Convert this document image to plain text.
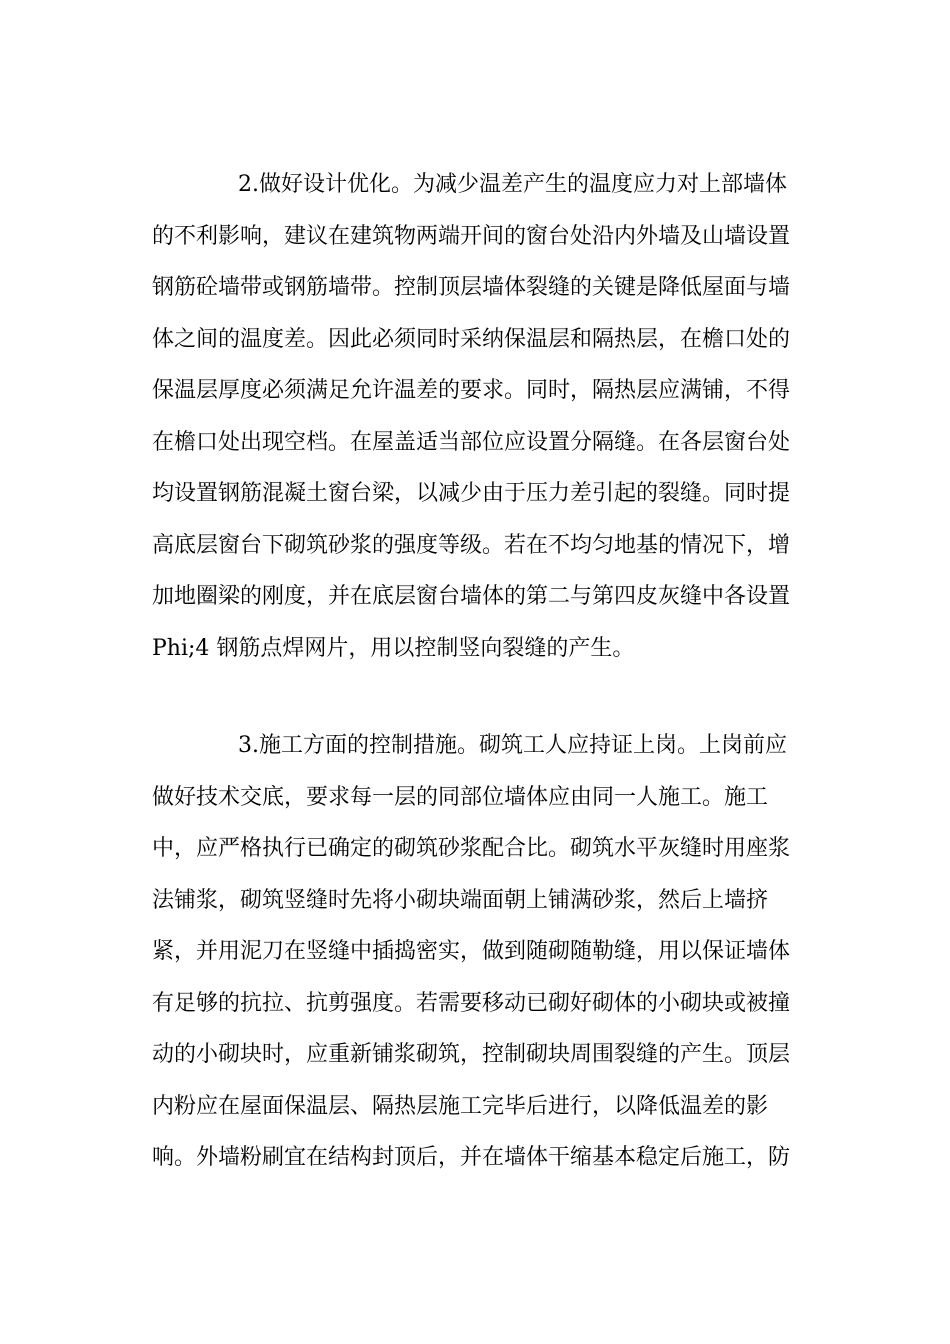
2.做好设计优化。为减少温差产生的温度应力对上部墙体
的不利影响，建议在建筑物两端开间的窗台处沿内外墙及山墙设置
钢筋砼墙带或钢筋墙带。控制顶层墙体裂缝的关键是降低屋面与墙
体之间的温度差。因此必须同时采纳保温层和隔热层，在檐口处的
保温层厚度必须满足允许温差的要求。同时，隔热层应满铺，不得
在檐口处出现空档。在屋盖适当部位应设置分隔缝。在各层窗台处
均设置钢筋混凝土窗台梁，以减少由于压力差引起的裂缝。同时提
高底层窗台下砌筑砂浆的强度等级。若在不均匀地基的情况下，增
加地圈梁的刚度，并在底层窗台墙体的第二与第四皮灰缝中各设置
Phi;4 钢筋点焊网片，用以控制竖向裂缝的产生。
3.施工方面的控制措施。砌筑工人应持证上岗。上岗前应
做好技术交底，要求每一层的同部位墙体应由同一人施工。施工
中，应严格执行已确定的砌筑砂浆配合比。砌筑水平灰缝时用座浆
法铺浆，砌筑竖缝时先将小砌块端面朝上铺满砂浆，然后上墙挤
紧，并用泥刀在竖缝中插捣密实，做到随砌随勒缝，用以保证墙体
有足够的抗拉、抗剪强度。若需要移动已砌好砌体的小砌块或被撞
动的小砌块时，应重新铺浆砌筑，控制砌块周围裂缝的产生。顶层
内粉应在屋面保温层、隔热层施工完毕后进行，以降低温差的影
响。外墙粉刷宜在结构封顶后，并在墙体干缩基本稳定后施工，防
